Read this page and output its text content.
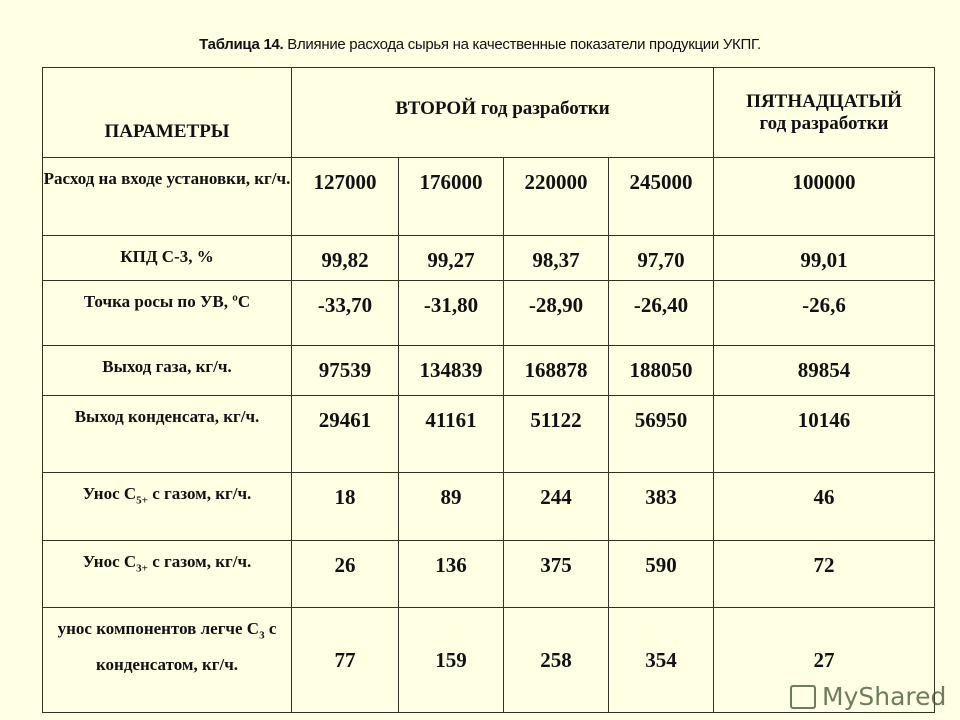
Таблица 14. Влияние расхода сырья на качественные показатели продукции УКПГ.
ПАРАМЕТРЫ	ВТОРОЙ год разработки				ПЯТНАДЦАТЫЙ
год разработки
Расход на входе установки, кг/ч.	127000	176000	220000	245000	100000
КПД С-3, %	99,82	99,27	98,37	97,70	99,01
Точка росы по УВ, ºС	-33,70	-31,80	-28,90	-26,40	-26,6
Выход газа, кг/ч.	97539	134839	168878	188050	89854
Выход конденсата, кг/ч.	29461	41161	51122	56950	10146
Унос $С_{5+}$ с газом, кг/ч.	18	89	244	383	46
Унос $С_{3+}$ с газом, кг/ч.	26	136	375	590	72
унос компонентов легче $С_3$ с конденсатом, кг/ч.	77	159	258	354	27
MyShared
